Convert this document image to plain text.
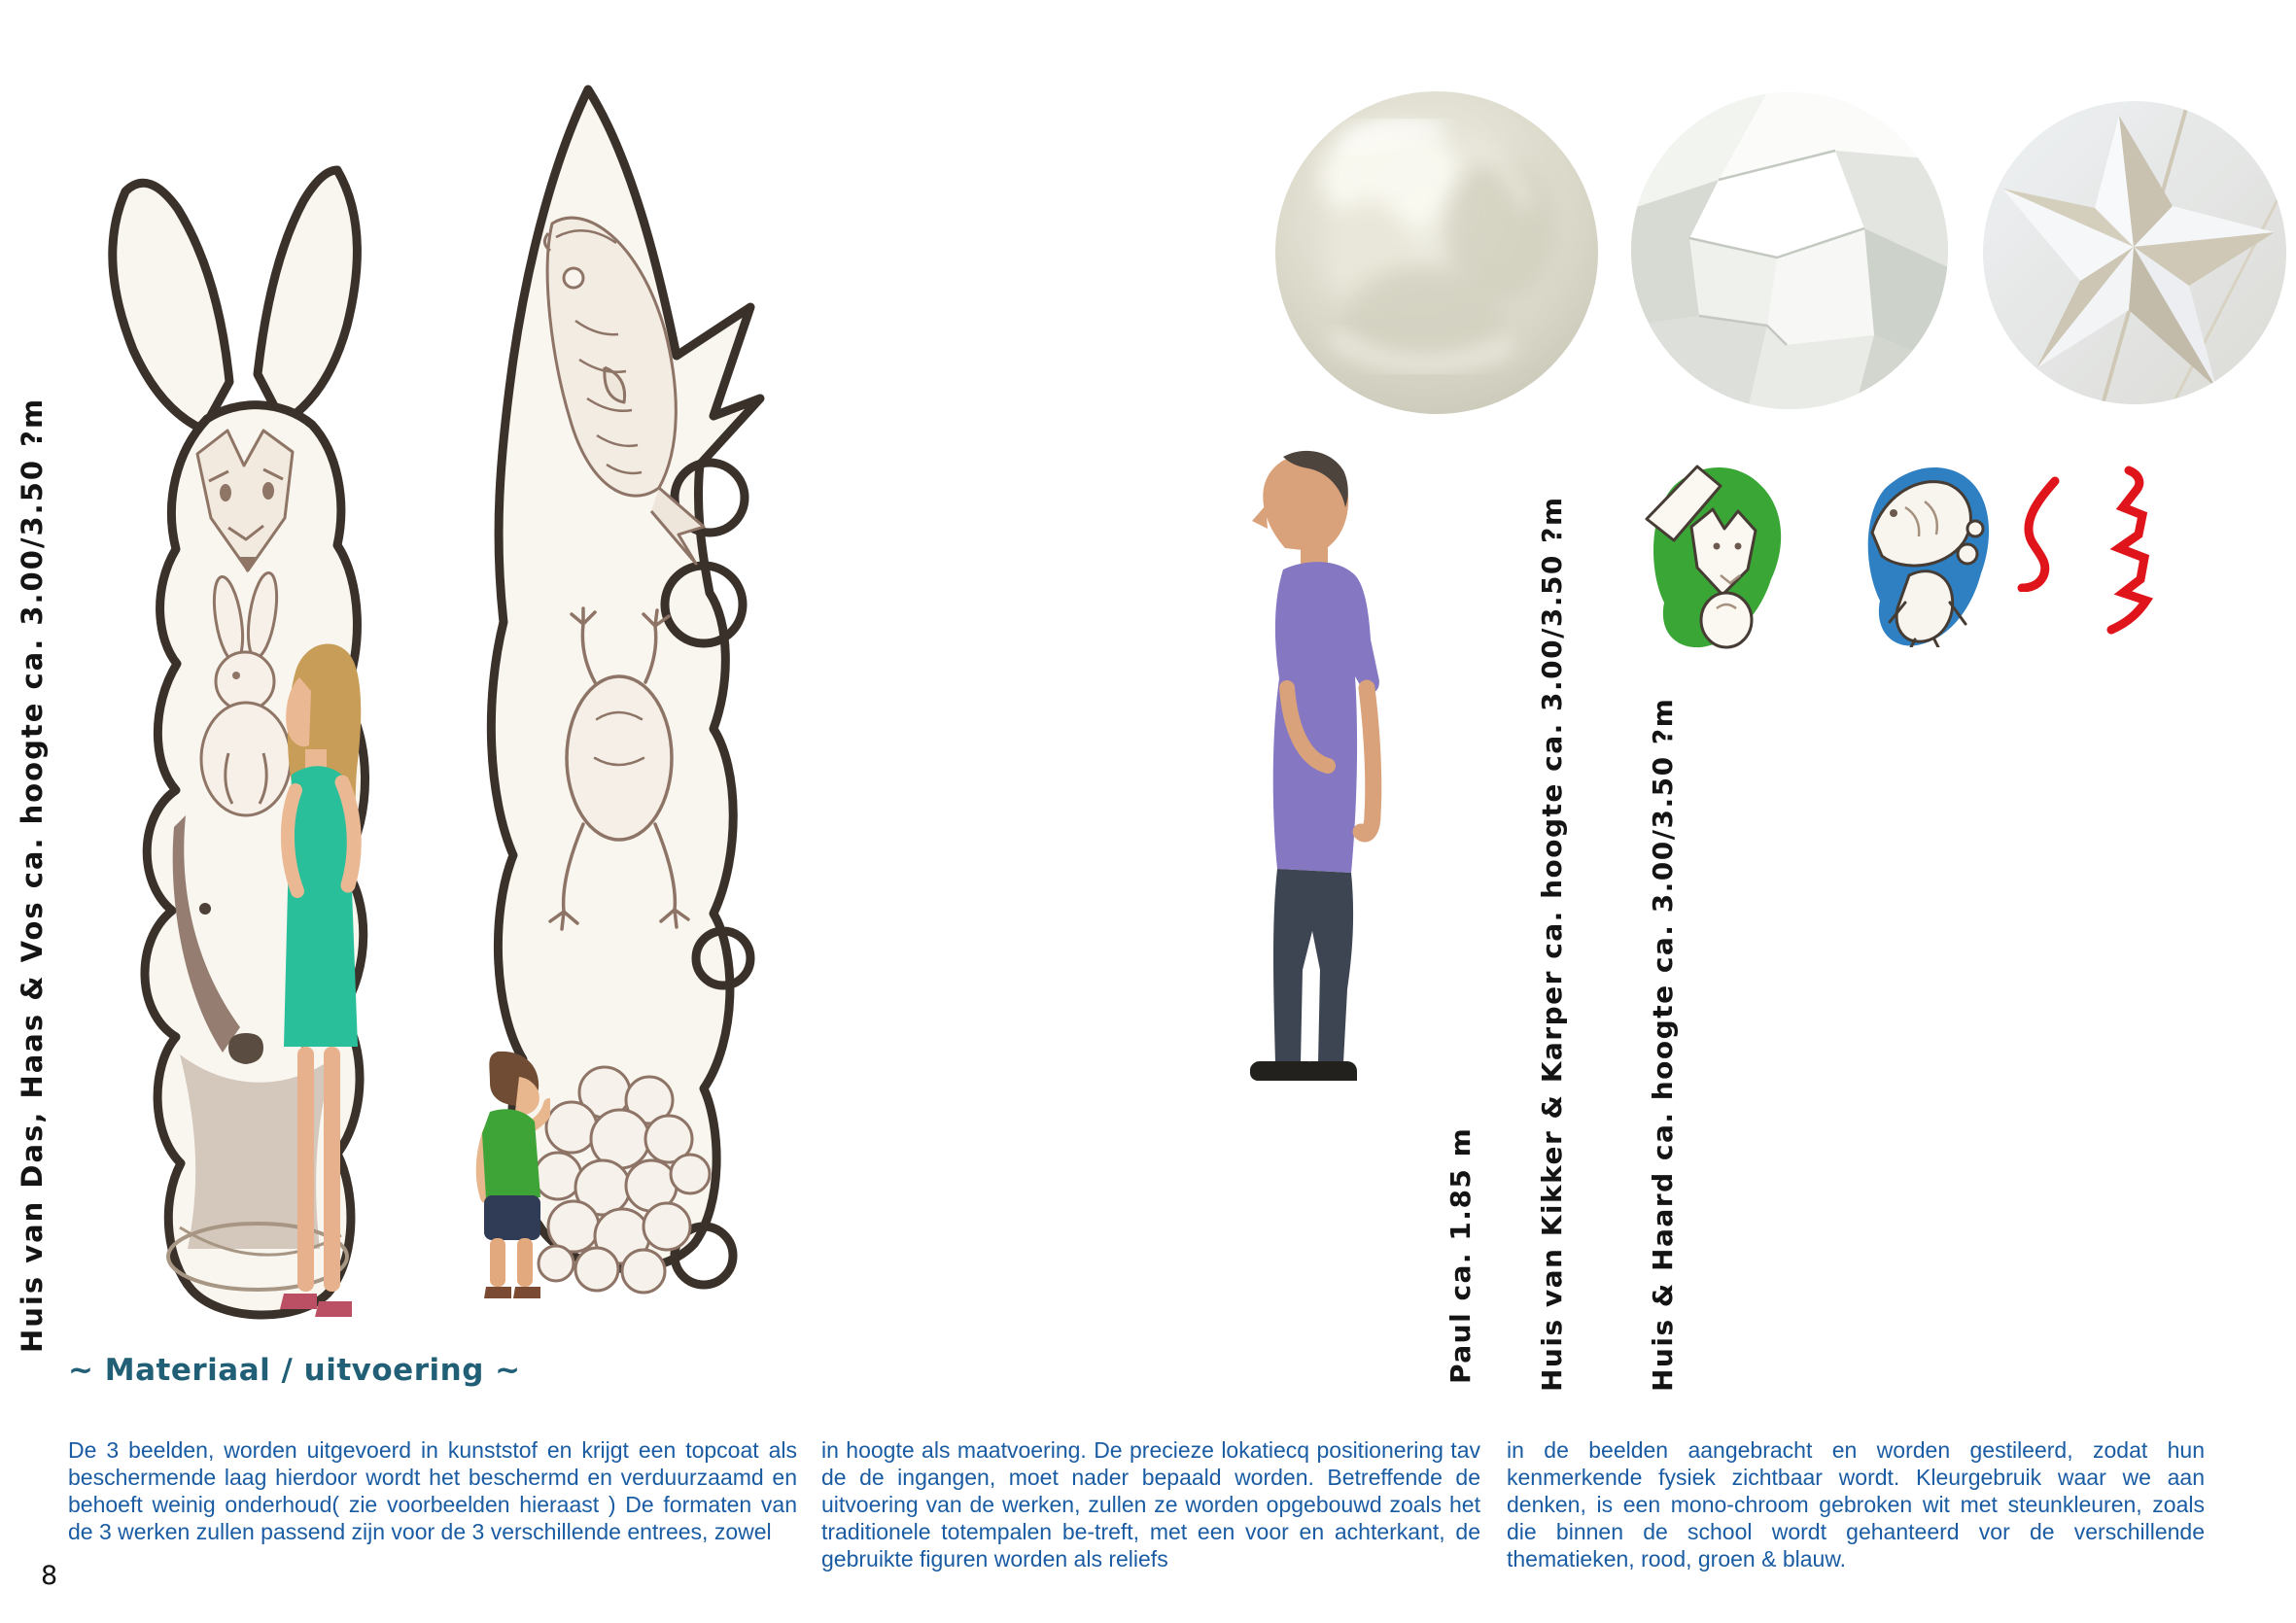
Huis van Das, Haas & Vos ca. hoogte ca. 3.00/3.50 ?m	Paul ca. 1.85 m Huis van Kikker & Karper ca. hoogte ca. 3.00/3.50 ?m	Huis & Haard ca. hoogte ca. 3.00/3.50 ?m
~ Materiaal / uitvoering ~
De 3 beelden, worden uitgevoerd in kunststof en krijgt een topcoat als beschermende laag hierdoor wordt het beschermd en verduurzaamd en behoeft weinig onderhoud( zie voorbeelden hieraast ) De formaten van de 3 werken zullen passend zijn voor de 3 verschillende entrees, zowel
in hoogte als maatvoering. De precieze lokatiecq positionering tav de de ingangen, moet nader bepaald worden. Betreffende de uitvoering van de werken, zullen ze worden opgebouwd zoals het traditionele totempalen be-treft, met een voor en achterkant, de gebruikte figuren worden als reliefs
in de beelden aangebracht en worden gestileerd, zodat hun kenmerkende fysiek zichtbaar wordt. Kleurgebruik waar we aan denken, is een mono-chroom gebroken wit met steunkleuren, zoals die binnen de school wordt gehanteerd vor de verschillende thematieken, rood, groen & blauw.
8
